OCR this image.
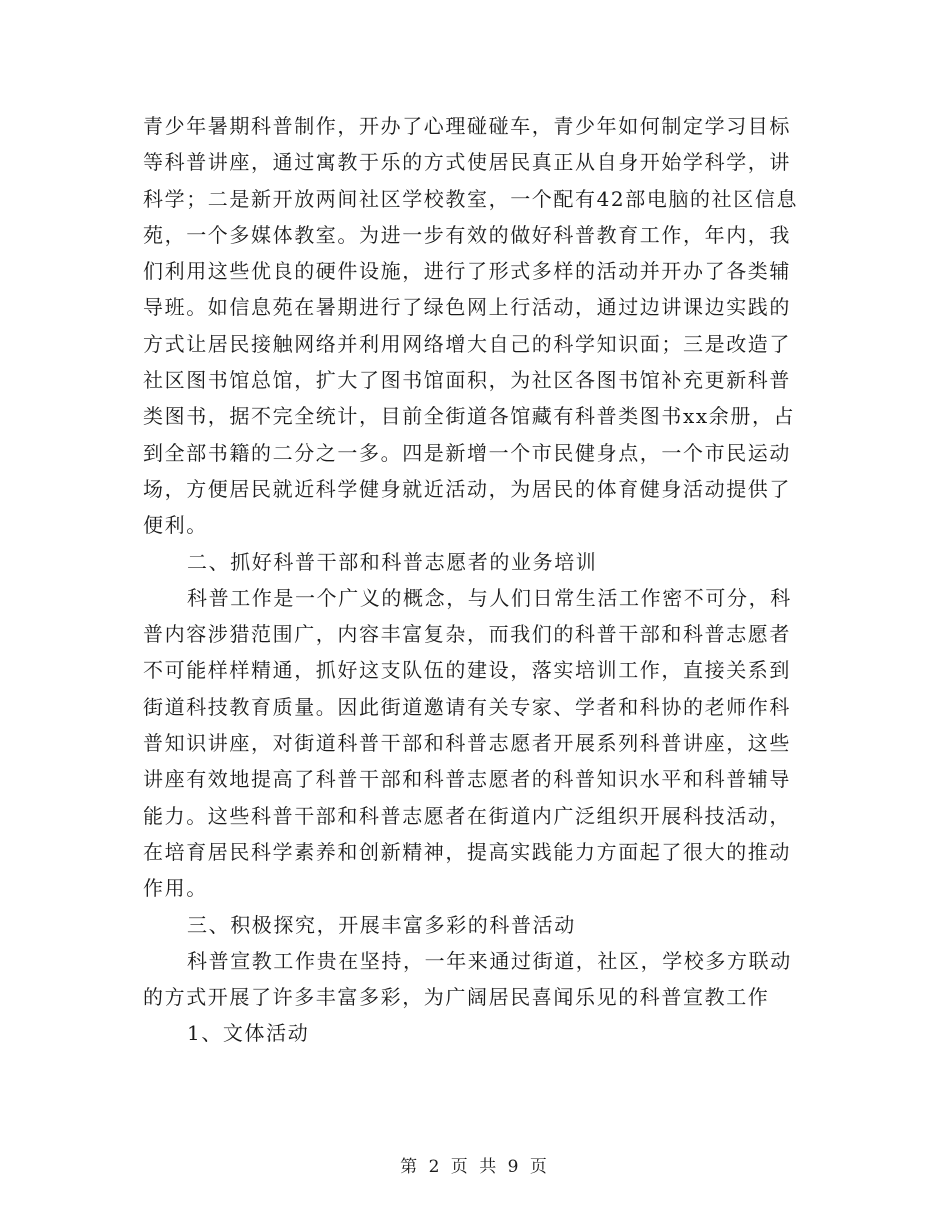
青少年暑期科普制作，开办了心理碰碰车，青少年如何制定学习目标
等科普讲座，通过寓教于乐的方式使居民真正从自身开始学科学，讲
科学；二是新开放两间社区学校教室，一个配有42部电脑的社区信息
苑，一个多媒体教室。为进一步有效的做好科普教育工作，年内，我
们利用这些优良的硬件设施，进行了形式多样的活动并开办了各类辅
导班。如信息苑在暑期进行了绿色网上行活动，通过边讲课边实践的
方式让居民接触网络并利用网络增大自己的科学知识面；三是改造了
社区图书馆总馆，扩大了图书馆面积，为社区各图书馆补充更新科普
类图书，据不完全统计，目前全街道各馆藏有科普类图书xx余册，占
到全部书籍的二分之一多。四是新增一个市民健身点，一个市民运动
场，方便居民就近科学健身就近活动，为居民的体育健身活动提供了
便利。
二、抓好科普干部和科普志愿者的业务培训
科普工作是一个广义的概念，与人们日常生活工作密不可分，科
普内容涉猎范围广，内容丰富复杂，而我们的科普干部和科普志愿者
不可能样样精通，抓好这支队伍的建设，落实培训工作，直接关系到
街道科技教育质量。因此街道邀请有关专家、学者和科协的老师作科
普知识讲座，对街道科普干部和科普志愿者开展系列科普讲座，这些
讲座有效地提高了科普干部和科普志愿者的科普知识水平和科普辅导
能力。这些科普干部和科普志愿者在街道内广泛组织开展科技活动，
在培育居民科学素养和创新精神，提高实践能力方面起了很大的推动
作用。
三、积极探究，开展丰富多彩的科普活动
科普宣教工作贵在坚持，一年来通过街道，社区，学校多方联动
的方式开展了许多丰富多彩，为广阔居民喜闻乐见的科普宣教工作
1、文体活动
第 2 页 共 9 页
